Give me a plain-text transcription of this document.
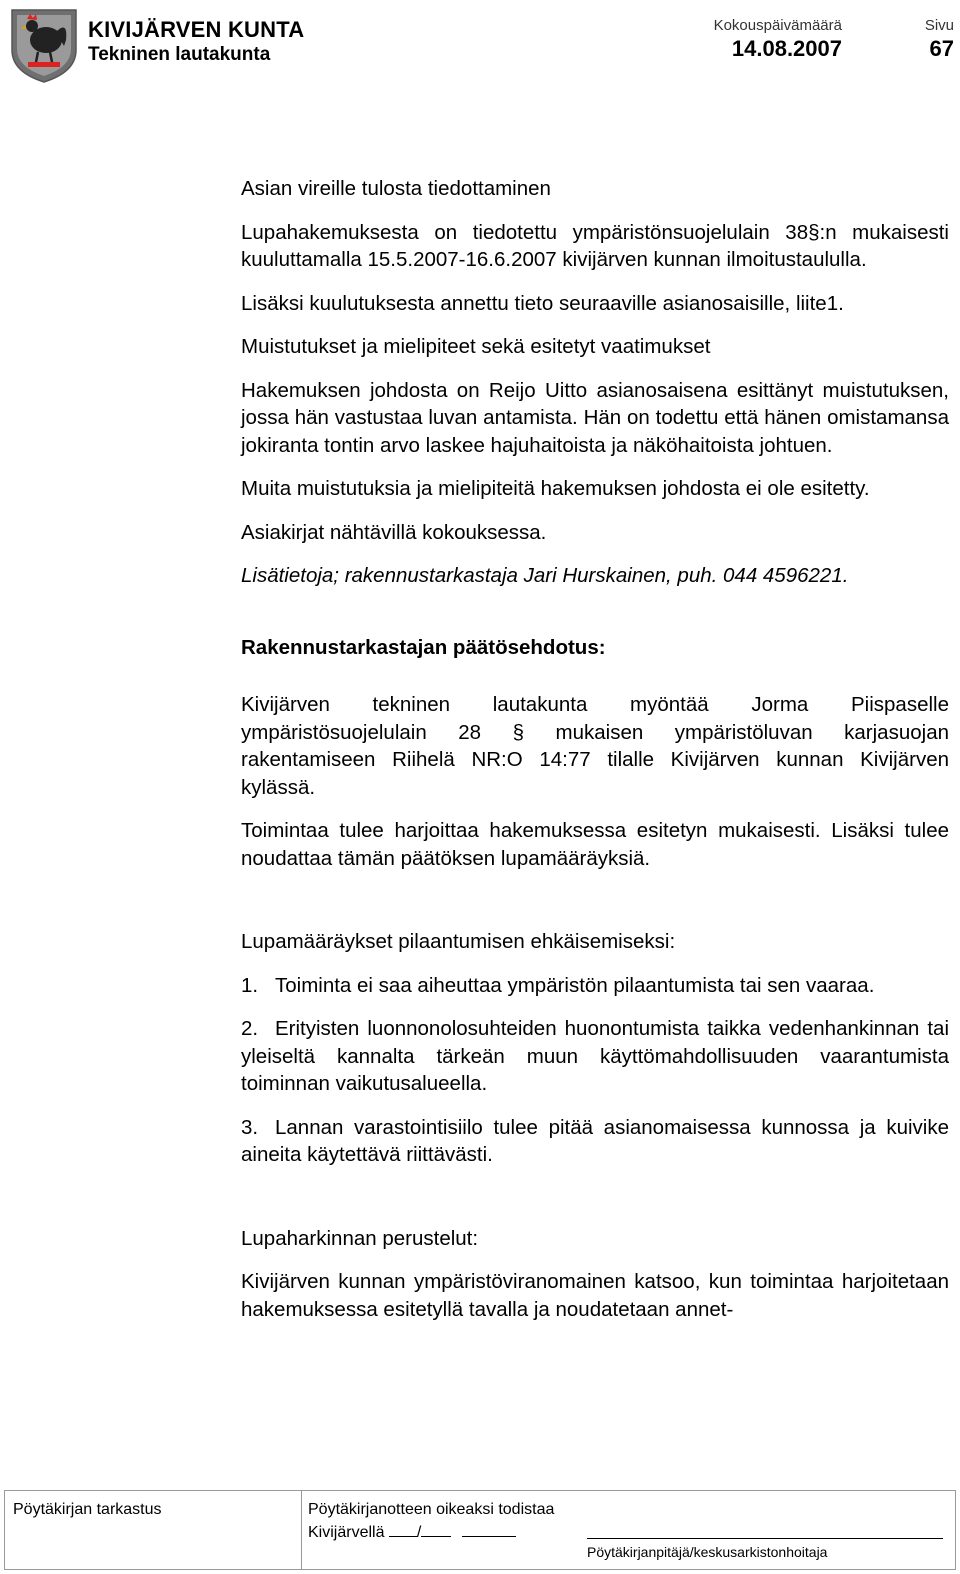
KIVIJÄRVEN KUNTA
Tekninen lautakunta
Kokouspäivämäärä
14.08.2007
Sivu
67

Asian vireille tulosta tiedottaminen

Lupahakemuksesta on tiedotettu ympäristönsuojelulain 38§:n mukaisesti kuuluttamalla 15.5.2007-16.6.2007 kivijärven kunnan ilmoitustaululla.

Lisäksi kuulutuksesta annettu tieto seuraaville asianosaisille, liite1.

Muistutukset ja mielipiteet sekä esitetyt vaatimukset

Hakemuksen johdosta on Reijo Uitto asianosaisena esittänyt muistutuksen, jossa hän vastustaa luvan antamista. Hän on todettu että hänen omistamansa jokiranta tontin arvo laskee hajuhaitoista ja näköhaitoista johtuen.

Muita muistutuksia ja mielipiteitä hakemuksen johdosta ei ole esitetty.

Asiakirjat nähtävillä kokouksessa.

Lisätietoja; rakennustarkastaja Jari Hurskainen, puh. 044 4596221.

Rakennustarkastajan päätösehdotus:

Kivijärven tekninen lautakunta myöntää Jorma Piispaselle ympäristösuojelulain 28 § mukaisen ympäristöluvan karjasuojan rakentamiseen Riihelä NR:O 14:77 tilalle Kivijärven kunnan Kivijärven kylässä.

Toimintaa tulee harjoittaa hakemuksessa esitetyn mukaisesti. Lisäksi tulee noudattaa tämän päätöksen lupamääräyksiä.

Lupamääräykset pilaantumisen ehkäisemiseksi:

1. Toiminta ei saa aiheuttaa ympäristön pilaantumista tai sen vaaraa.

2. Erityisten luonnonolosuhteiden huonontumista taikka vedenhankinnan tai yleiseltä kannalta tärkeän muun käyttömahdollisuuden vaarantumista toiminnan vaikutusalueella.

3. Lannan varastointisiilo tulee pitää asianomaisessa kunnossa ja kuivike aineita käytettävä riittävästi.

Lupaharkinnan perustelut:

Kivijärven kunnan ympäristöviranomainen katsoo, kun toimintaa harjoitetaan hakemuksessa esitetyllä tavalla ja noudatetaan annet-

Pöytäkirjan tarkastus	Pöytäkirjanotteen oikeaksi todistaa
Kivijärvellä /
Pöytäkirjanpitäjä/keskusarkistonhoitaja
